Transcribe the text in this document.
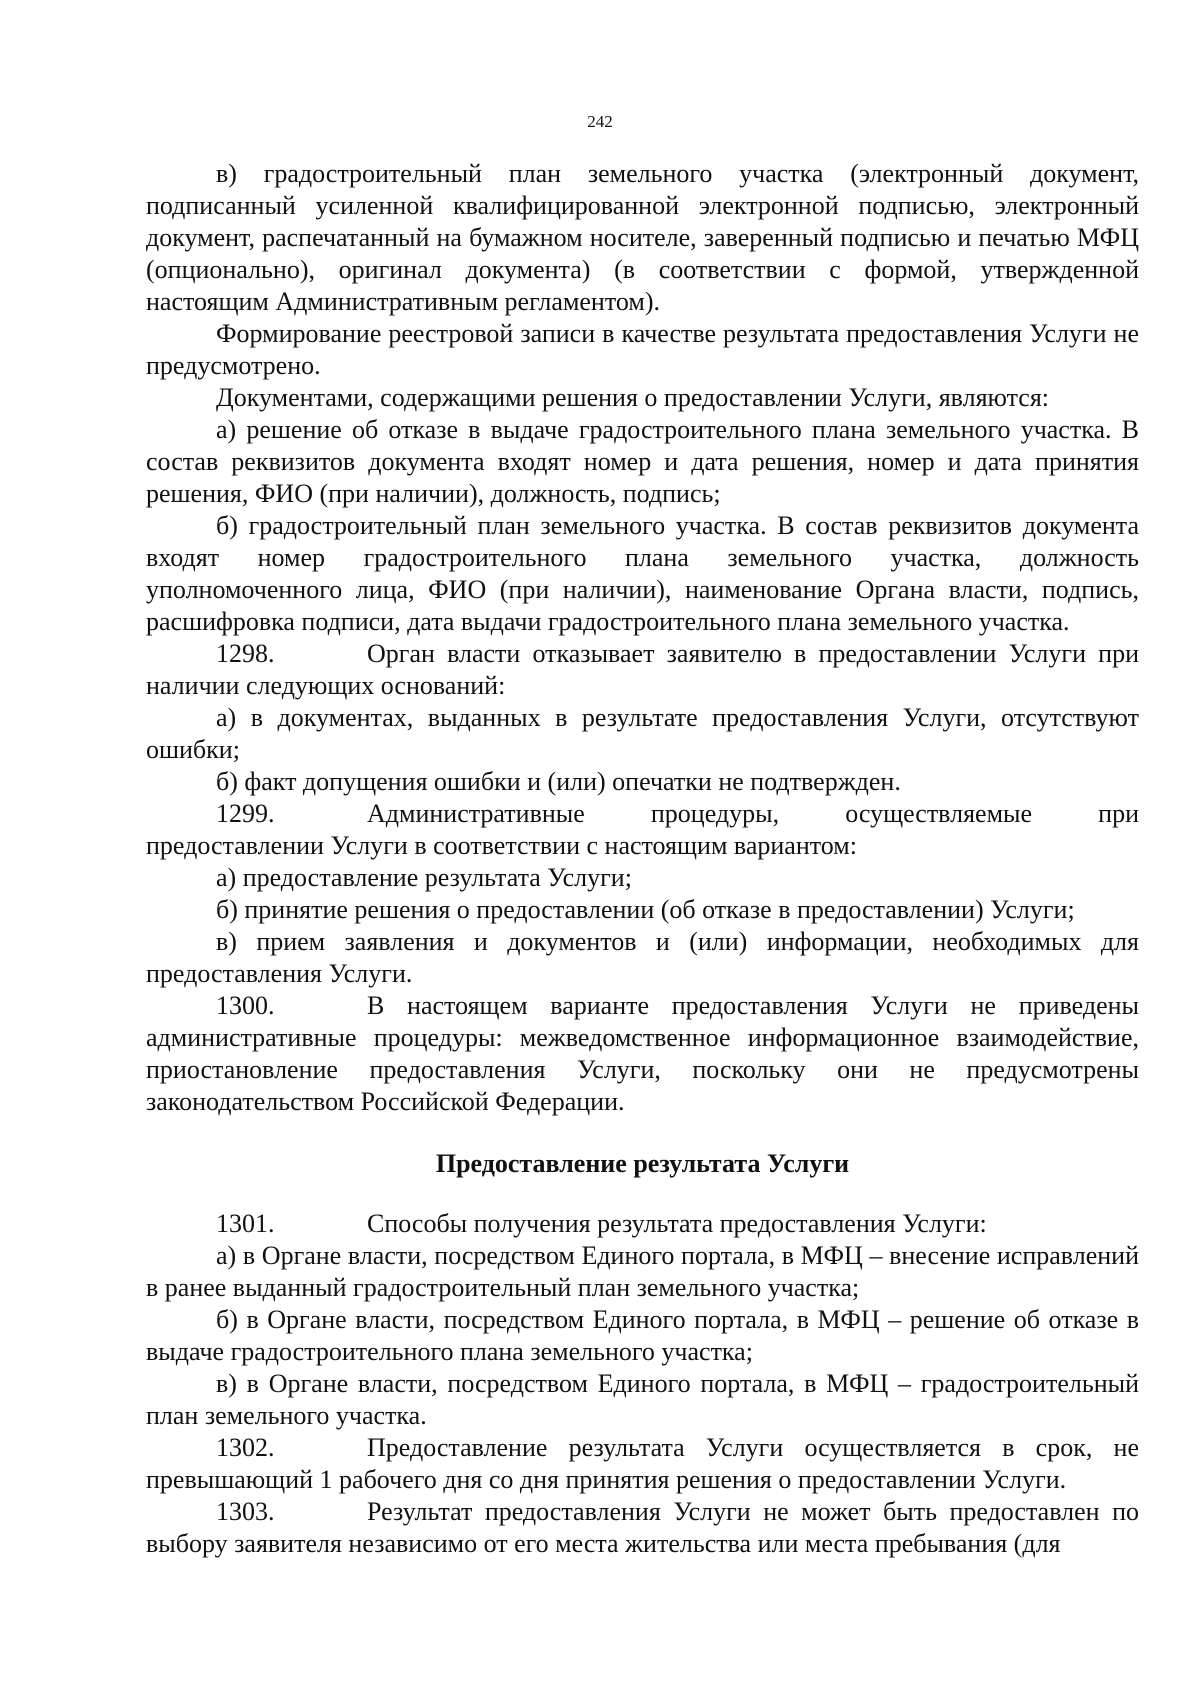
242

в) градостроительный план земельного участка (электронный документ, подписанный усиленной квалифицированной электронной подписью, электронный документ, распечатанный на бумажном носителе, заверенный подписью и печатью МФЦ (опционально), оригинал документа) (в соответствии с формой, утвержденной настоящим Административным регламентом).

Формирование реестровой записи в качестве результата предоставления Услуги не предусмотрено.

Документами, содержащими решения о предоставлении Услуги, являются:

а) решение об отказе в выдаче градостроительного плана земельного участка. В состав реквизитов документа входят номер и дата решения, номер и дата принятия решения, ФИО (при наличии), должность, подпись;

б) градостроительный план земельного участка. В состав реквизитов документа входят номер градостроительного плана земельного участка, должность уполномоченного лица, ФИО (при наличии), наименование Органа власти, подпись, расшифровка подписи, дата выдачи градостроительного плана земельного участка.

1298.	Орган власти отказывает заявителю в предоставлении Услуги при наличии следующих оснований:

а) в документах, выданных в результате предоставления Услуги, отсутствуют ошибки;

б) факт допущения ошибки и (или) опечатки не подтвержден.

1299.	Административные процедуры, осуществляемые при предоставлении Услуги в соответствии с настоящим вариантом:

а) предоставление результата Услуги;

б) принятие решения о предоставлении (об отказе в предоставлении) Услуги;

в) прием заявления и документов и (или) информации, необходимых для предоставления Услуги.

1300.	В настоящем варианте предоставления Услуги не приведены административные процедуры: межведомственное информационное взаимодействие, приостановление предоставления Услуги, поскольку они не предусмотрены законодательством Российской Федерации.

Предоставление результата Услуги

1301.	Способы получения результата предоставления Услуги:

а) в Органе власти, посредством Единого портала, в МФЦ – внесение исправлений в ранее выданный градостроительный план земельного участка;

б) в Органе власти, посредством Единого портала, в МФЦ – решение об отказе в выдаче градостроительного плана земельного участка;

в) в Органе власти, посредством Единого портала, в МФЦ – градостроительный план земельного участка.

1302.	Предоставление результата Услуги осуществляется в срок, не превышающий 1 рабочего дня со дня принятия решения о предоставлении Услуги.

1303.	Результат предоставления Услуги не может быть предоставлен по выбору заявителя независимо от его места жительства или места пребывания (для
